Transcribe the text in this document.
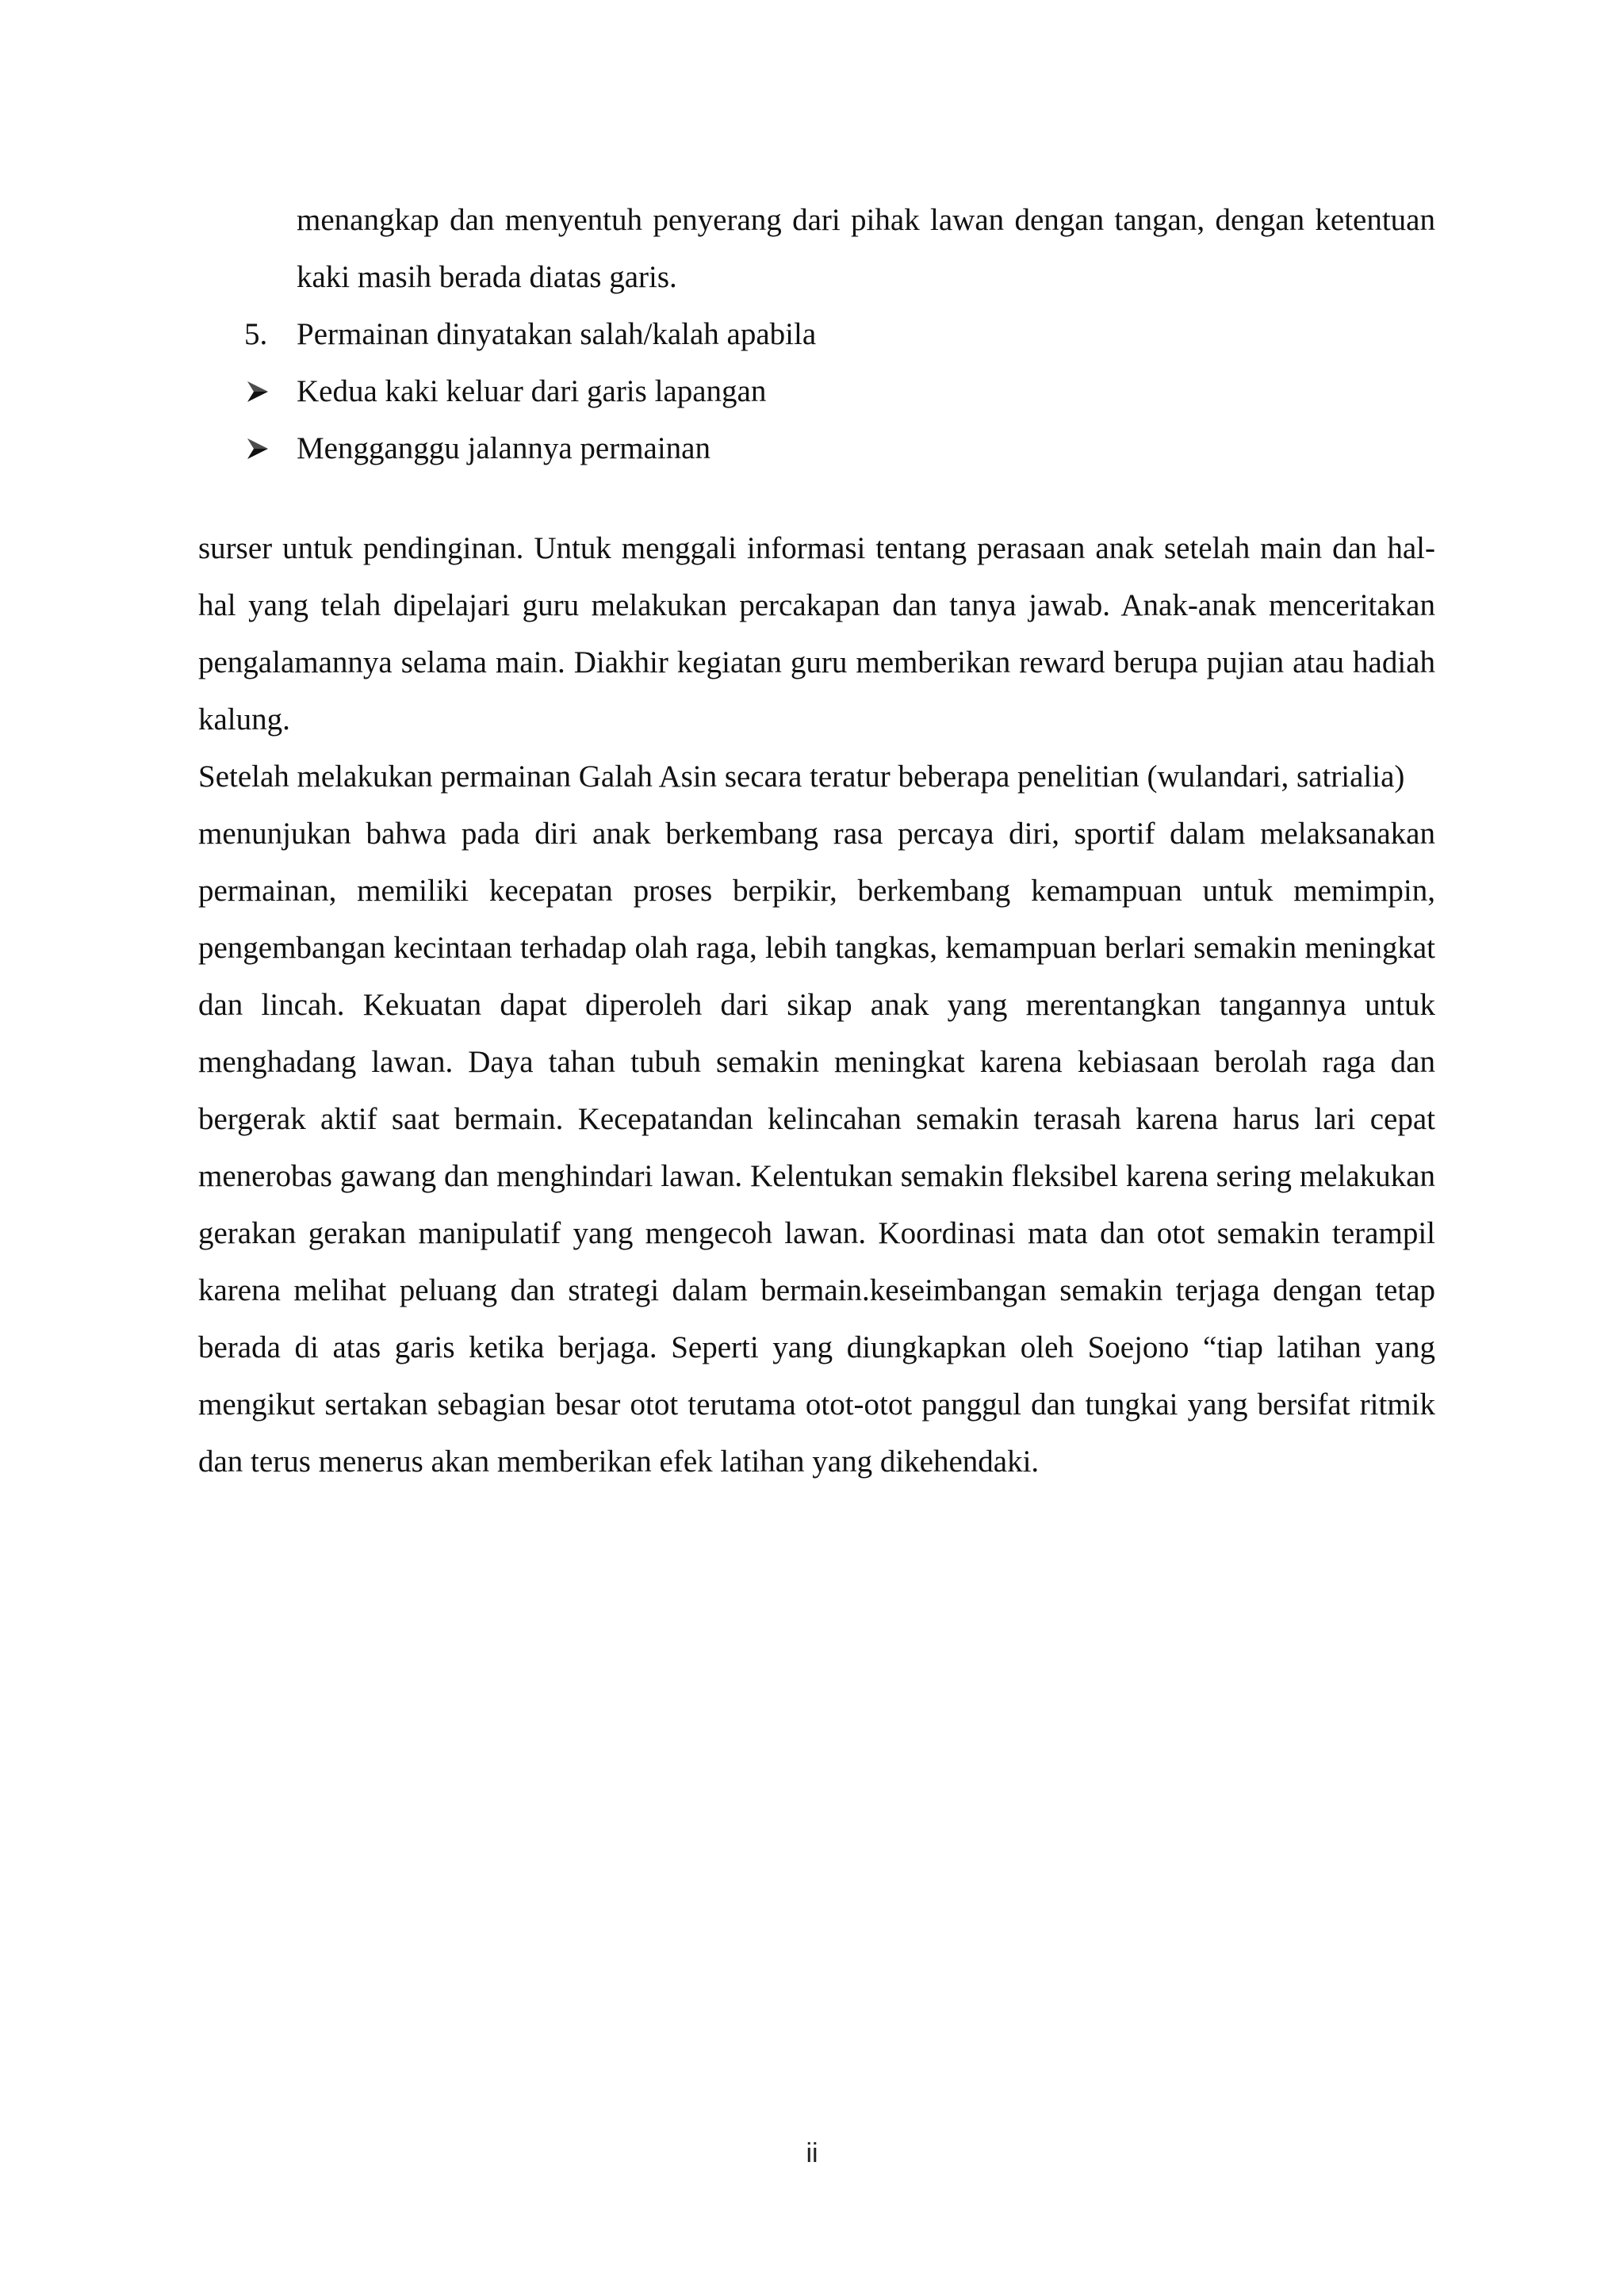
menangkap dan menyentuh penyerang dari pihak lawan dengan tangan, dengan ketentuan kaki masih berada diatas garis.
5. Permainan dinyatakan salah/kalah apabila
Kedua kaki keluar dari garis lapangan
Mengganggu jalannya permainan

surser untuk pendinginan. Untuk menggali informasi tentang perasaan anak setelah main dan hal-hal yang telah dipelajari guru melakukan percakapan dan tanya jawab. Anak-anak menceritakan pengalamannya selama main. Diakhir kegiatan guru memberikan reward berupa pujian atau hadiah kalung.

Setelah melakukan permainan Galah Asin secara teratur beberapa penelitian (wulandari, satrialia)

menunjukan bahwa pada diri anak berkembang rasa percaya diri, sportif dalam melaksanakan permainan, memiliki kecepatan proses berpikir, berkembang kemampuan untuk memimpin, pengembangan kecintaan terhadap olah raga, lebih tangkas, kemampuan berlari semakin meningkat dan lincah. Kekuatan dapat diperoleh dari sikap anak yang merentangkan tangannya untuk menghadang lawan. Daya tahan tubuh semakin meningkat karena kebiasaan berolah raga dan bergerak aktif saat bermain. Kecepatandan kelincahan semakin terasah karena harus lari cepat menerobas gawang dan menghindari lawan. Kelentukan semakin fleksibel karena sering melakukan gerakan gerakan manipulatif yang mengecoh lawan. Koordinasi mata dan otot semakin terampil karena melihat peluang dan strategi dalam bermain.keseimbangan semakin terjaga dengan tetap berada di atas garis ketika berjaga. Seperti yang diungkapkan oleh Soejono “tiap latihan yang mengikut sertakan sebagian besar otot terutama otot-otot panggul dan tungkai yang bersifat ritmik dan terus menerus akan memberikan efek latihan yang dikehendaki.

ii
